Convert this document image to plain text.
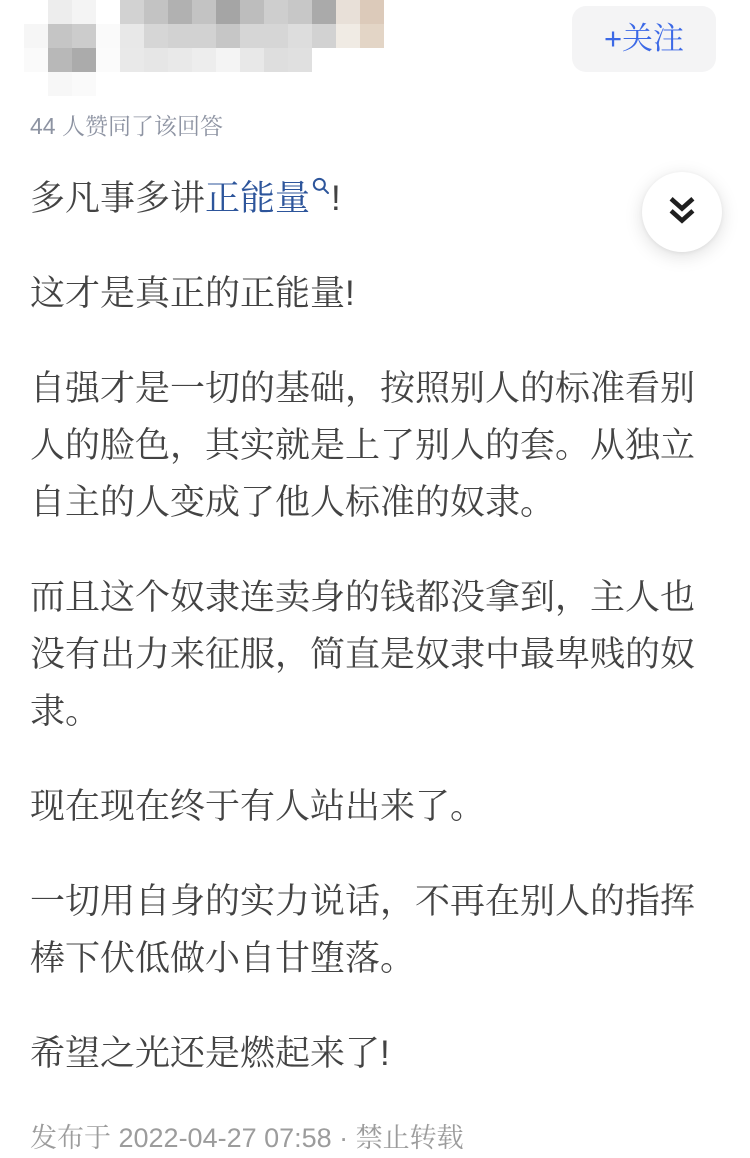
+关注
44 人赞同了该回答

多凡事多讲正能量 !

这才是真正的正能量!

自强才是一切的基础，按照别人的标准看别人的脸色，其实就是上了别人的套。从独立自主的人变成了他人标准的奴隶。

而且这个奴隶连卖身的钱都没拿到，主人也没有出力来征服，简直是奴隶中最卑贱的奴隶。

现在现在终于有人站出来了。

一切用自身的实力说话，不再在别人的指挥棒下伏低做小自甘堕落。

希望之光还是燃起来了!

发布于 2022-04-27 07:58 · 禁止转载
